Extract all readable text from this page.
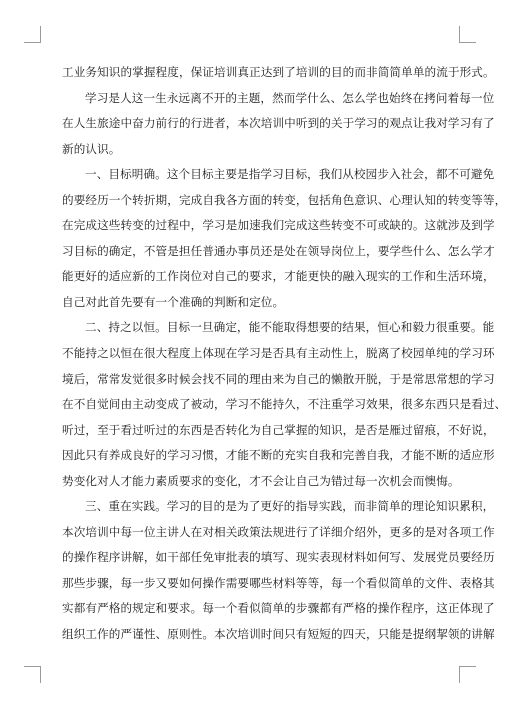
工业务知识的掌握程度，保证培训真正达到了培训的目的而非简简单单的流于形式。
学习是人这一生永远离不开的主题，然而学什么、怎么学也始终在拷问着每一位
在人生旅途中奋力前行的行进者，本次培训中听到的关于学习的观点让我对学习有了
新的认识。
一、目标明确。这个目标主要是指学习目标，我们从校园步入社会，都不可避免
的要经历一个转折期，完成自我各方面的转变，包括角色意识、心理认知的转变等等，
在完成这些转变的过程中，学习是加速我们完成这些转变不可或缺的。这就涉及到学
习目标的确定，不管是担任普通办事员还是处在领导岗位上，要学些什么、怎么学才
能更好的适应新的工作岗位对自己的要求，才能更快的融入现实的工作和生活环境，
自己对此首先要有一个准确的判断和定位。
二、持之以恒。目标一旦确定，能不能取得想要的结果，恒心和毅力很重要。能
不能持之以恒在很大程度上体现在学习是否具有主动性上，脱离了校园单纯的学习环
境后，常常发觉很多时候会找不同的理由来为自己的懒散开脱，于是常思常想的学习
在不自觉间由主动变成了被动，学习不能持久，不注重学习效果，很多东西只是看过、
听过，至于看过听过的东西是否转化为自己掌握的知识，是否是雁过留痕，不好说，
因此只有养成良好的学习习惯，才能不断的充实自我和完善自我，才能不断的适应形
势变化对人才能力素质要求的变化，才不会让自己为错过每一次机会而懊悔。
三、重在实践。学习的目的是为了更好的指导实践，而非简单的理论知识累积，
本次培训中每一位主讲人在对相关政策法规进行了详细介绍外，更多的是对各项工作
的操作程序讲解，如干部任免审批表的填写、现实表现材料如何写、发展党员要经历
那些步骤，每一步又要如何操作需要哪些材料等等，每一个看似简单的文件、表格其
实都有严格的规定和要求。每一个看似简单的步骤都有严格的操作程序，这正体现了
组织工作的严谨性、原则性。本次培训时间只有短短的四天，只能是提纲挈领的讲解
